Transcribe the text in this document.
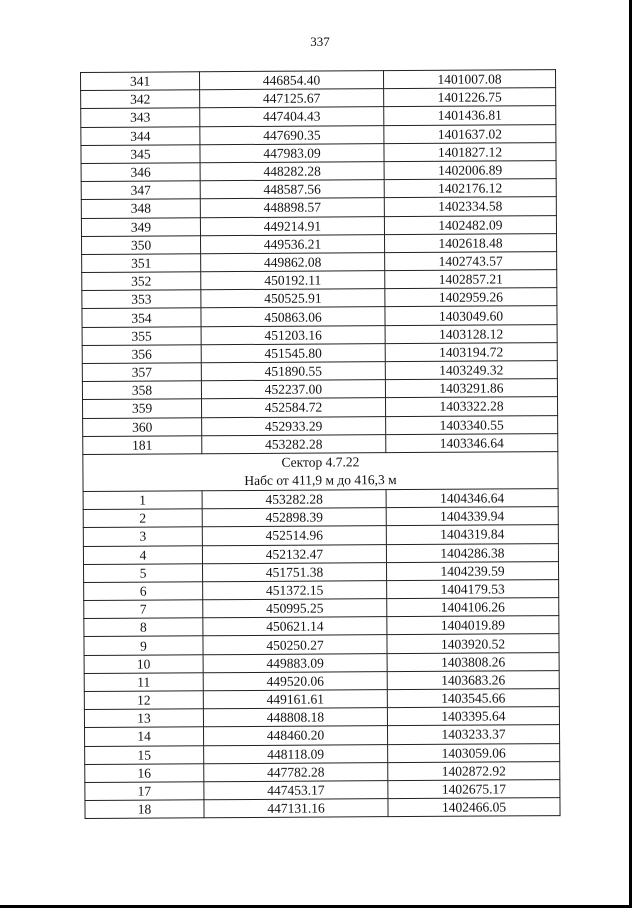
337
341	446854.40	1401007.08
342	447125.67	1401226.75
343	447404.43	1401436.81
344	447690.35	1401637.02
345	447983.09	1401827.12
346	448282.28	1402006.89
347	448587.56	1402176.12
348	448898.57	1402334.58
349	449214.91	1402482.09
350	449536.21	1402618.48
351	449862.08	1402743.57
352	450192.11	1402857.21
353	450525.91	1402959.26
354	450863.06	1403049.60
355	451203.16	1403128.12
356	451545.80	1403194.72
357	451890.55	1403249.32
358	452237.00	1403291.86
359	452584.72	1403322.28
360	452933.29	1403340.55
181	453282.28	1403346.64
Сектор 4.7.22		
Набс от 411,9 м до 416,3 м		
1	453282.28	1404346.64
2	452898.39	1404339.94
3	452514.96	1404319.84
4	452132.47	1404286.38
5	451751.38	1404239.59
6	451372.15	1404179.53
7	450995.25	1404106.26
8	450621.14	1404019.89
9	450250.27	1403920.52
10	449883.09	1403808.26
11	449520.06	1403683.26
12	449161.61	1403545.66
13	448808.18	1403395.64
14	448460.20	1403233.37
15	448118.09	1403059.06
16	447782.28	1402872.92
17	447453.17	1402675.17
18	447131.16	1402466.05
